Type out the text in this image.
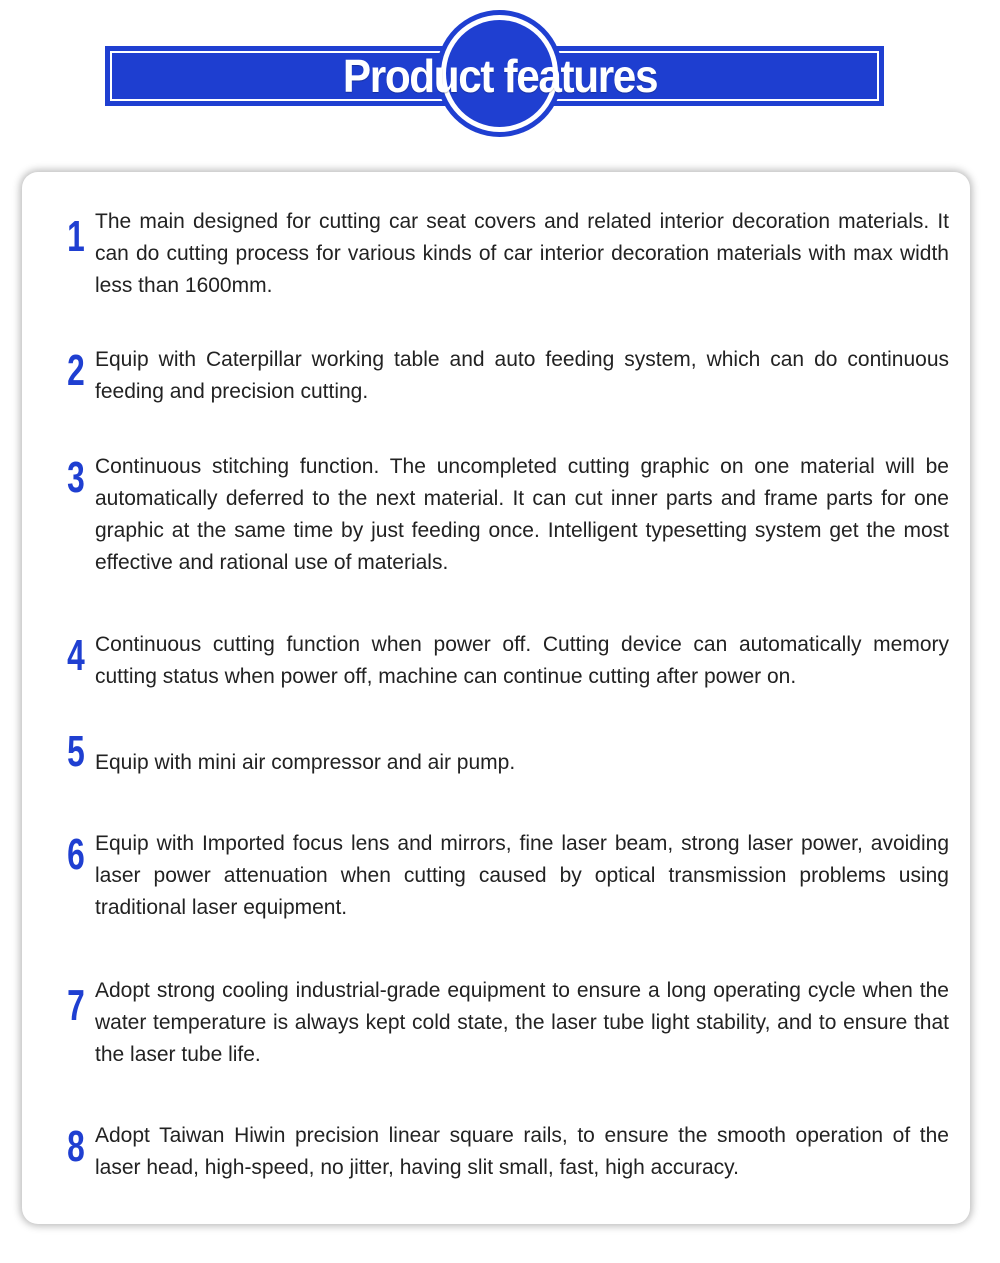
Product features
1 The main designed for cutting car seat covers and related interior decoration materials. It can do cutting process for various kinds of car interior decoration materials with max width less than 1600mm.
2 Equip with Caterpillar working table and auto feeding system, which can do continuous feeding and precision cutting.
3 Continuous stitching function. The uncompleted cutting graphic on one material will be automatically deferred to the next material. It can cut inner parts and frame parts for one graphic at the same time by just feeding once. Intelligent typesetting system get the most effective and rational use of materials.
4 Continuous cutting function when power off. Cutting device can automatically memory cutting status when power off, machine can continue cutting after power on.
5 Equip with mini air compressor and air pump.
6 Equip with Imported focus lens and mirrors, fine laser beam, strong laser power, avoiding laser power attenuation when cutting caused by optical transmission problems using traditional laser equipment.
7 Adopt strong cooling industrial-grade equipment to ensure a long operating cycle when the water temperature is always kept cold state, the laser tube light stability, and to ensure that the laser tube life.
8 Adopt Taiwan Hiwin precision linear square rails, to ensure the smooth operation of the laser head, high-speed, no jitter, having slit small, fast, high accuracy.
